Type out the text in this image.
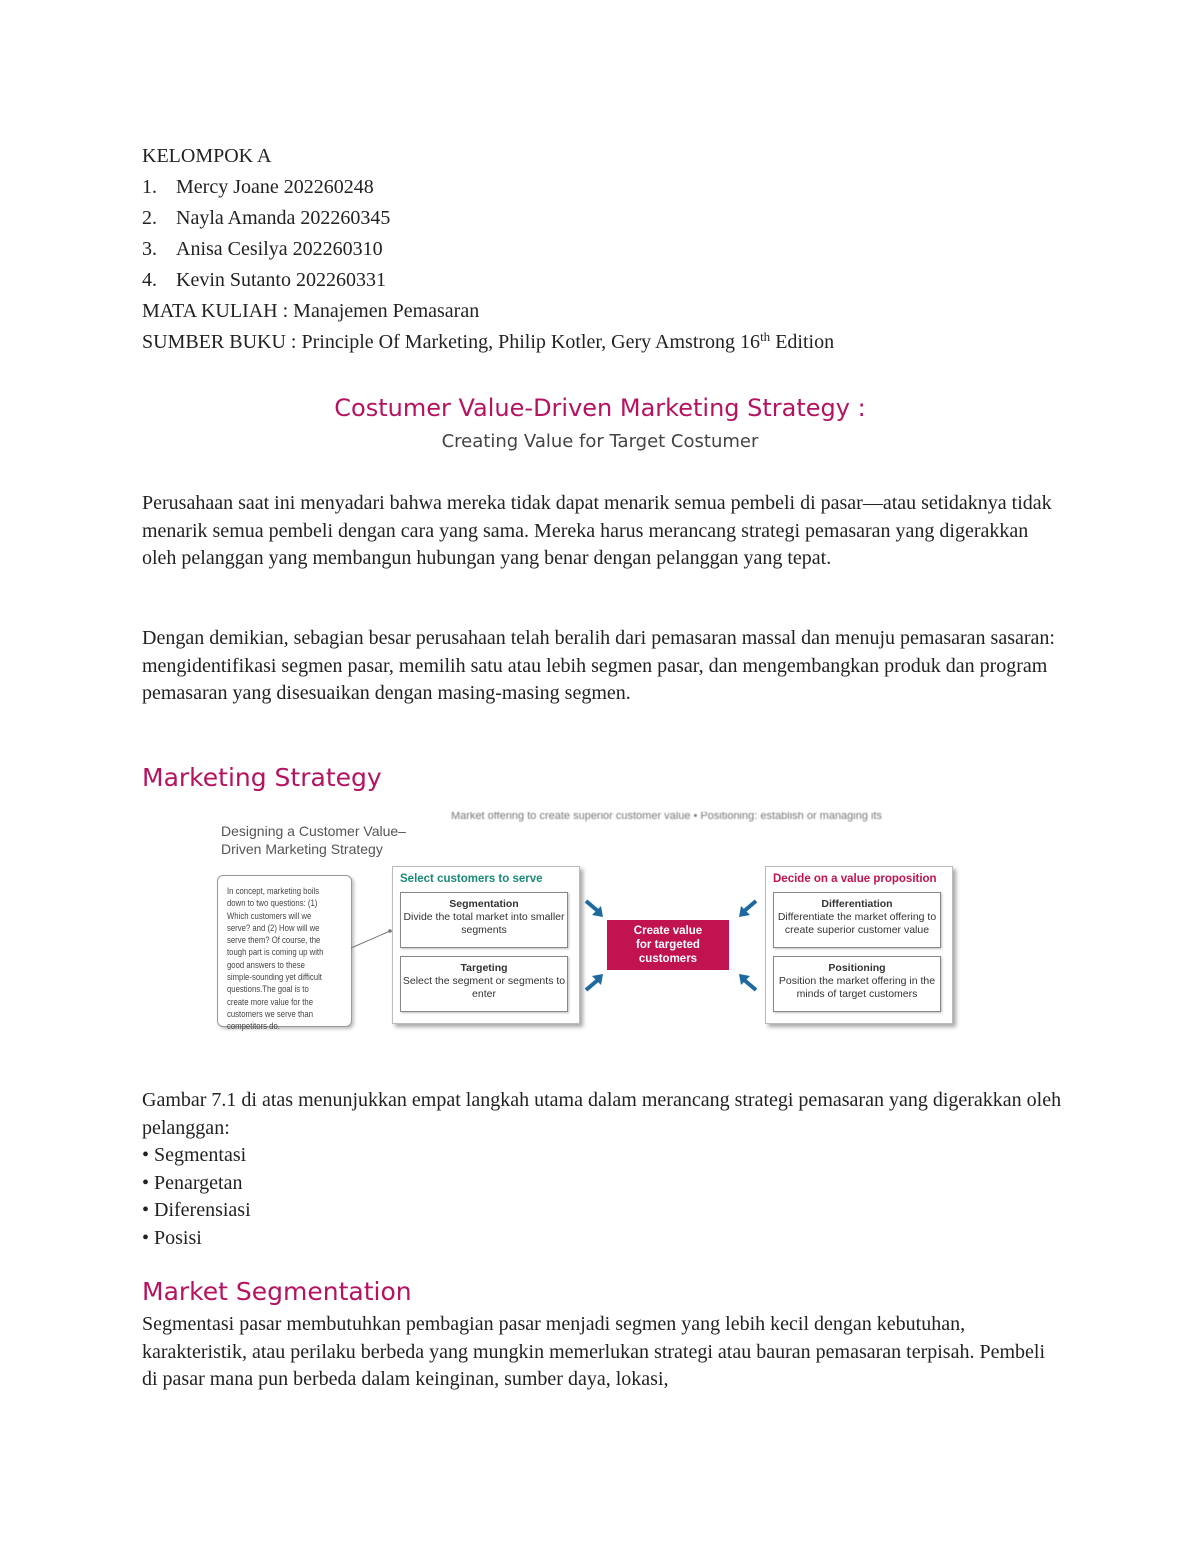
KELOMPOK A
1. Mercy Joane 202260248
2. Nayla Amanda 202260345
3. Anisa Cesilya 202260310
4. Kevin Sutanto 202260331
MATA KULIAH : Manajemen Pemasaran
SUMBER BUKU : Principle Of Marketing, Philip Kotler, Gery Amstrong 16th Edition
Costumer Value-Driven Marketing Strategy :
Creating Value for Target Costumer
Perusahaan saat ini menyadari bahwa mereka tidak dapat menarik semua pembeli di pasar—atau setidaknya tidak menarik semua pembeli dengan cara yang sama. Mereka harus merancang strategi pemasaran yang digerakkan oleh pelanggan yang membangun hubungan yang benar dengan pelanggan yang tepat.
Dengan demikian, sebagian besar perusahaan telah beralih dari pemasaran massal dan menuju pemasaran sasaran: mengidentifikasi segmen pasar, memilih satu atau lebih segmen pasar, dan mengembangkan produk dan program pemasaran yang disesuaikan dengan masing-masing segmen.
Marketing Strategy
Market offering to create superior customer value • Positioning: establish or managing its
Designing a Customer Value–
Driven Marketing Strategy
In concept, marketing boils down to two questions: (1) Which customers will we serve? and (2) How will we serve them? Of course, the tough part is coming up with good answers to these simple-sounding yet difficult questions.The goal is to create more value for the customers we serve than competitors do.
Select customers to serve
Segmentation
Divide the total market into smaller segments
Targeting
Select the segment or segments to enter
Create value
for targeted
customers
Decide on a value proposition
Differentiation
Differentiate the market offering to create superior customer value
Positioning
Position the market offering in the minds of target customers
Gambar 7.1 di atas menunjukkan empat langkah utama dalam merancang strategi pemasaran yang digerakkan oleh pelanggan:
• Segmentasi
• Penargetan
• Diferensiasi
• Posisi
Market Segmentation
Segmentasi pasar membutuhkan pembagian pasar menjadi segmen yang lebih kecil dengan kebutuhan, karakteristik, atau perilaku berbeda yang mungkin memerlukan strategi atau bauran pemasaran terpisah. Pembeli di pasar mana pun berbeda dalam keinginan, sumber daya, lokasi,
